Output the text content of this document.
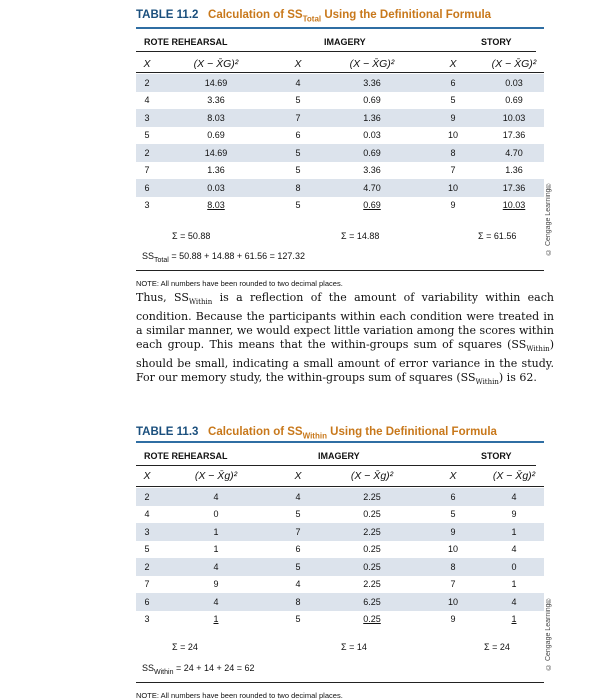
TABLE 11.2 Calculation of $SS_{Total}$ Using the Definitional Formula
ROTE REHEARSAL	IMAGERY	STORY
X	(X − X̄G)²	X	(X − X̄G)²	X	(X − X̄G)²
2	14.69	4	3.36	6	0.03
4	3.36	5	0.69	5	0.69
3	8.03	7	1.36	9	10.03
5	0.69	6	0.03	10	17.36
2	14.69	5	0.69	8	4.70
7	1.36	5	3.36	7	1.36
6	0.03	8	4.70	10	17.36
3	8.03	5	0.69	9	10.03
Σ = 50.88	Σ = 14.88	Σ = 61.56
$SS_{Total} = 50.88 + 14.88 + 61.56 = 127.32$
NOTE: All numbers have been rounded to two decimal places.
© Cengage Learning®
Thus, $SS_{Within}$ is a reflection of the amount of variability within each condition. Because the participants within each condition were treated in a similar manner, we would expect little variation among the scores within each group. This means that the within-groups sum of squares $(SS_{Within})$ should be small, indicating a small amount of error variance in the study. For our memory study, the within-groups sum of squares $(SS_{Within})$ is 62.
TABLE 11.3 Calculation of $SS_{Within}$ Using the Definitional Formula
ROTE REHEARSAL	IMAGERY	STORY
X	(X − X̄g)²	X	(X − X̄g)²	X	(X − X̄g)²
2	4	4	2.25	6	4
4	0	5	0.25	5	9
3	1	7	2.25	9	1
5	1	6	0.25	10	4
2	4	5	0.25	8	0
7	9	4	2.25	7	1
6	4	8	6.25	10	4
3	1	5	0.25	9	1
Σ = 24	Σ = 14	Σ = 24
$SS_{Within} = 24 + 14 + 24 = 62$
NOTE: All numbers have been rounded to two decimal places.
© Cengage Learning®
